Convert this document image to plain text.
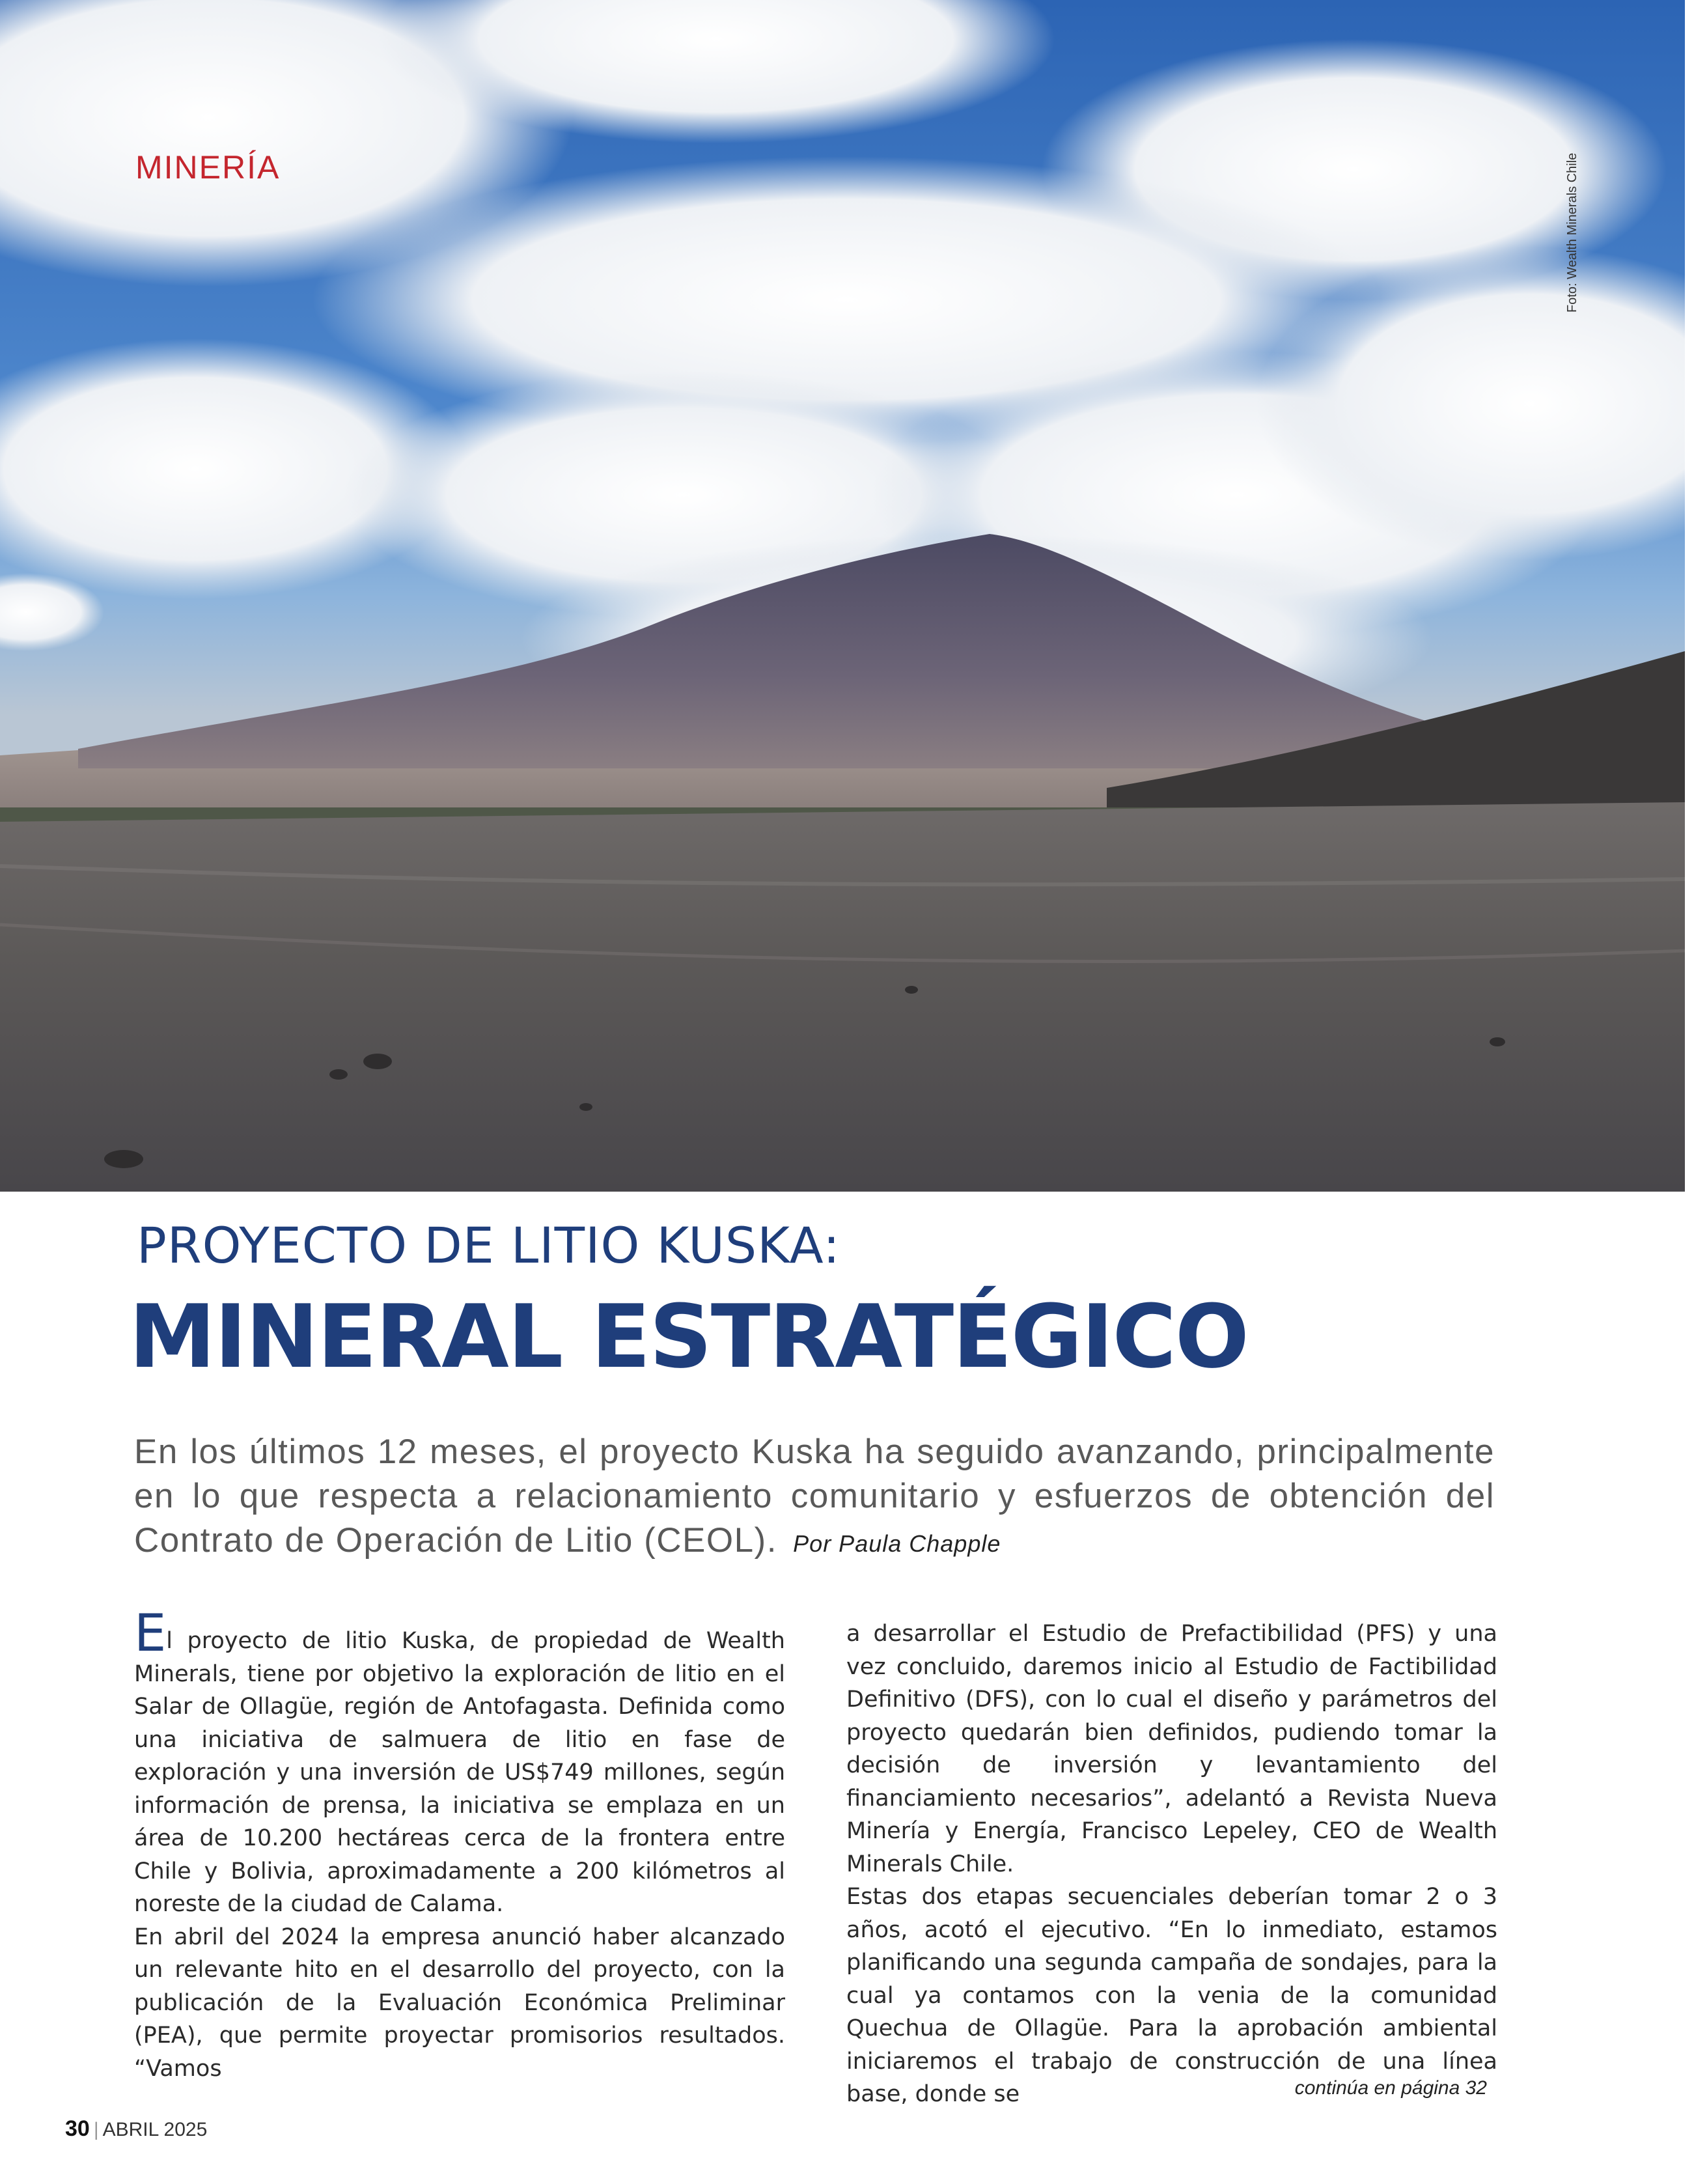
MINERÍA	Foto: Wealth Minerals Chile
PROYECTO DE LITIO KUSKA:
MINERAL ESTRATÉGICO
En los últimos 12 meses, el proyecto Kuska ha seguido avanzando, principalmente en lo que respecta a relacionamiento comunitario y esfuerzos de obtención del Contrato de Operación de Litio (CEOL). Por Paula Chapple

El proyecto de litio Kuska, de propiedad de Wealth Minerals, tiene por objetivo la exploración de litio en el Salar de Ollagüe, región de Antofagasta. Definida como una iniciativa de salmuera de litio en fase de exploración y una inversión de US$749 millones, según información de prensa, la iniciativa se emplaza en un área de 10.200 hectáreas cerca de la frontera entre Chile y Bolivia, aproximadamente a 200 kilómetros al noreste de la ciudad de Calama.

En abril del 2024 la empresa anunció haber alcanzado un relevante hito en el desarrollo del proyecto, con la publicación de la Evaluación Económica Preliminar (PEA), que permite proyectar promisorios resultados. “Vamos

a desarrollar el Estudio de Prefactibilidad (PFS) y una vez concluido, daremos inicio al Estudio de Factibilidad Definitivo (DFS), con lo cual el diseño y parámetros del proyecto quedarán bien definidos, pudiendo tomar la decisión de inversión y levantamiento del financiamiento necesarios”, adelantó a Revista Nueva Minería y Energía, Francisco Lepeley, CEO de Wealth Minerals Chile.

Estas dos etapas secuenciales deberían tomar 2 o 3 años, acotó el ejecutivo. “En lo inmediato, estamos planificando una segunda campaña de sondajes, para la cual ya contamos con la venia de la comunidad Quechua de Ollagüe. Para la aprobación ambiental iniciaremos el trabajo de construcción de una línea base, donde se	continúa en página 32
30 | ABRIL 2025
